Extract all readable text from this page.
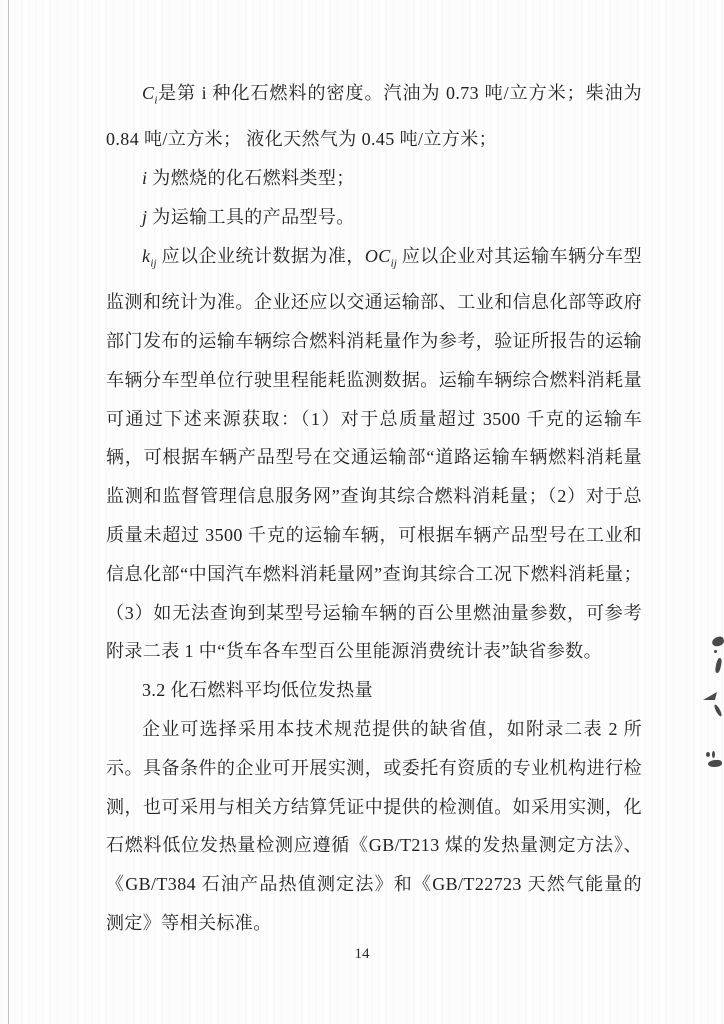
$C_i$是第 i 种化石燃料的密度。汽油为 0.73 吨/立方米；柴油为 0.84 吨/立方米； 液化天然气为 0.45 吨/立方米；

i 为燃烧的化石燃料类型；

j 为运输工具的产品型号。

$k_{ij}$ 应以企业统计数据为准，$OC_{ij}$ 应以企业对其运输车辆分车型监测和统计为准。企业还应以交通运输部、工业和信息化部等政府部门发布的运输车辆综合燃料消耗量作为参考，验证所报告的运输车辆分车型单位行驶里程能耗监测数据。运输车辆综合燃料消耗量可通过下述来源获取：（1）对于总质量超过 3500 千克的运输车辆，可根据车辆产品型号在交通运输部“道路运输车辆燃料消耗量监测和监督管理信息服务网”查询其综合燃料消耗量；（2）对于总质量未超过 3500 千克的运输车辆，可根据车辆产品型号在工业和信息化部“中国汽车燃料消耗量网”查询其综合工况下燃料消耗量；（3）如无法查询到某型号运输车辆的百公里燃油量参数，可参考附录二表 1 中“货车各车型百公里能源消费统计表”缺省参数。

3.2 化石燃料平均低位发热量

企业可选择采用本技术规范提供的缺省值，如附录二表 2 所示。具备条件的企业可开展实测，或委托有资质的专业机构进行检测，也可采用与相关方结算凭证中提供的检测值。如采用实测，化石燃料低位发热量检测应遵循《GB/T213 煤的发热量测定方法》、《GB/T384 石油产品热值测定法》和《GB/T22723 天然气能量的测定》等相关标准。

14
